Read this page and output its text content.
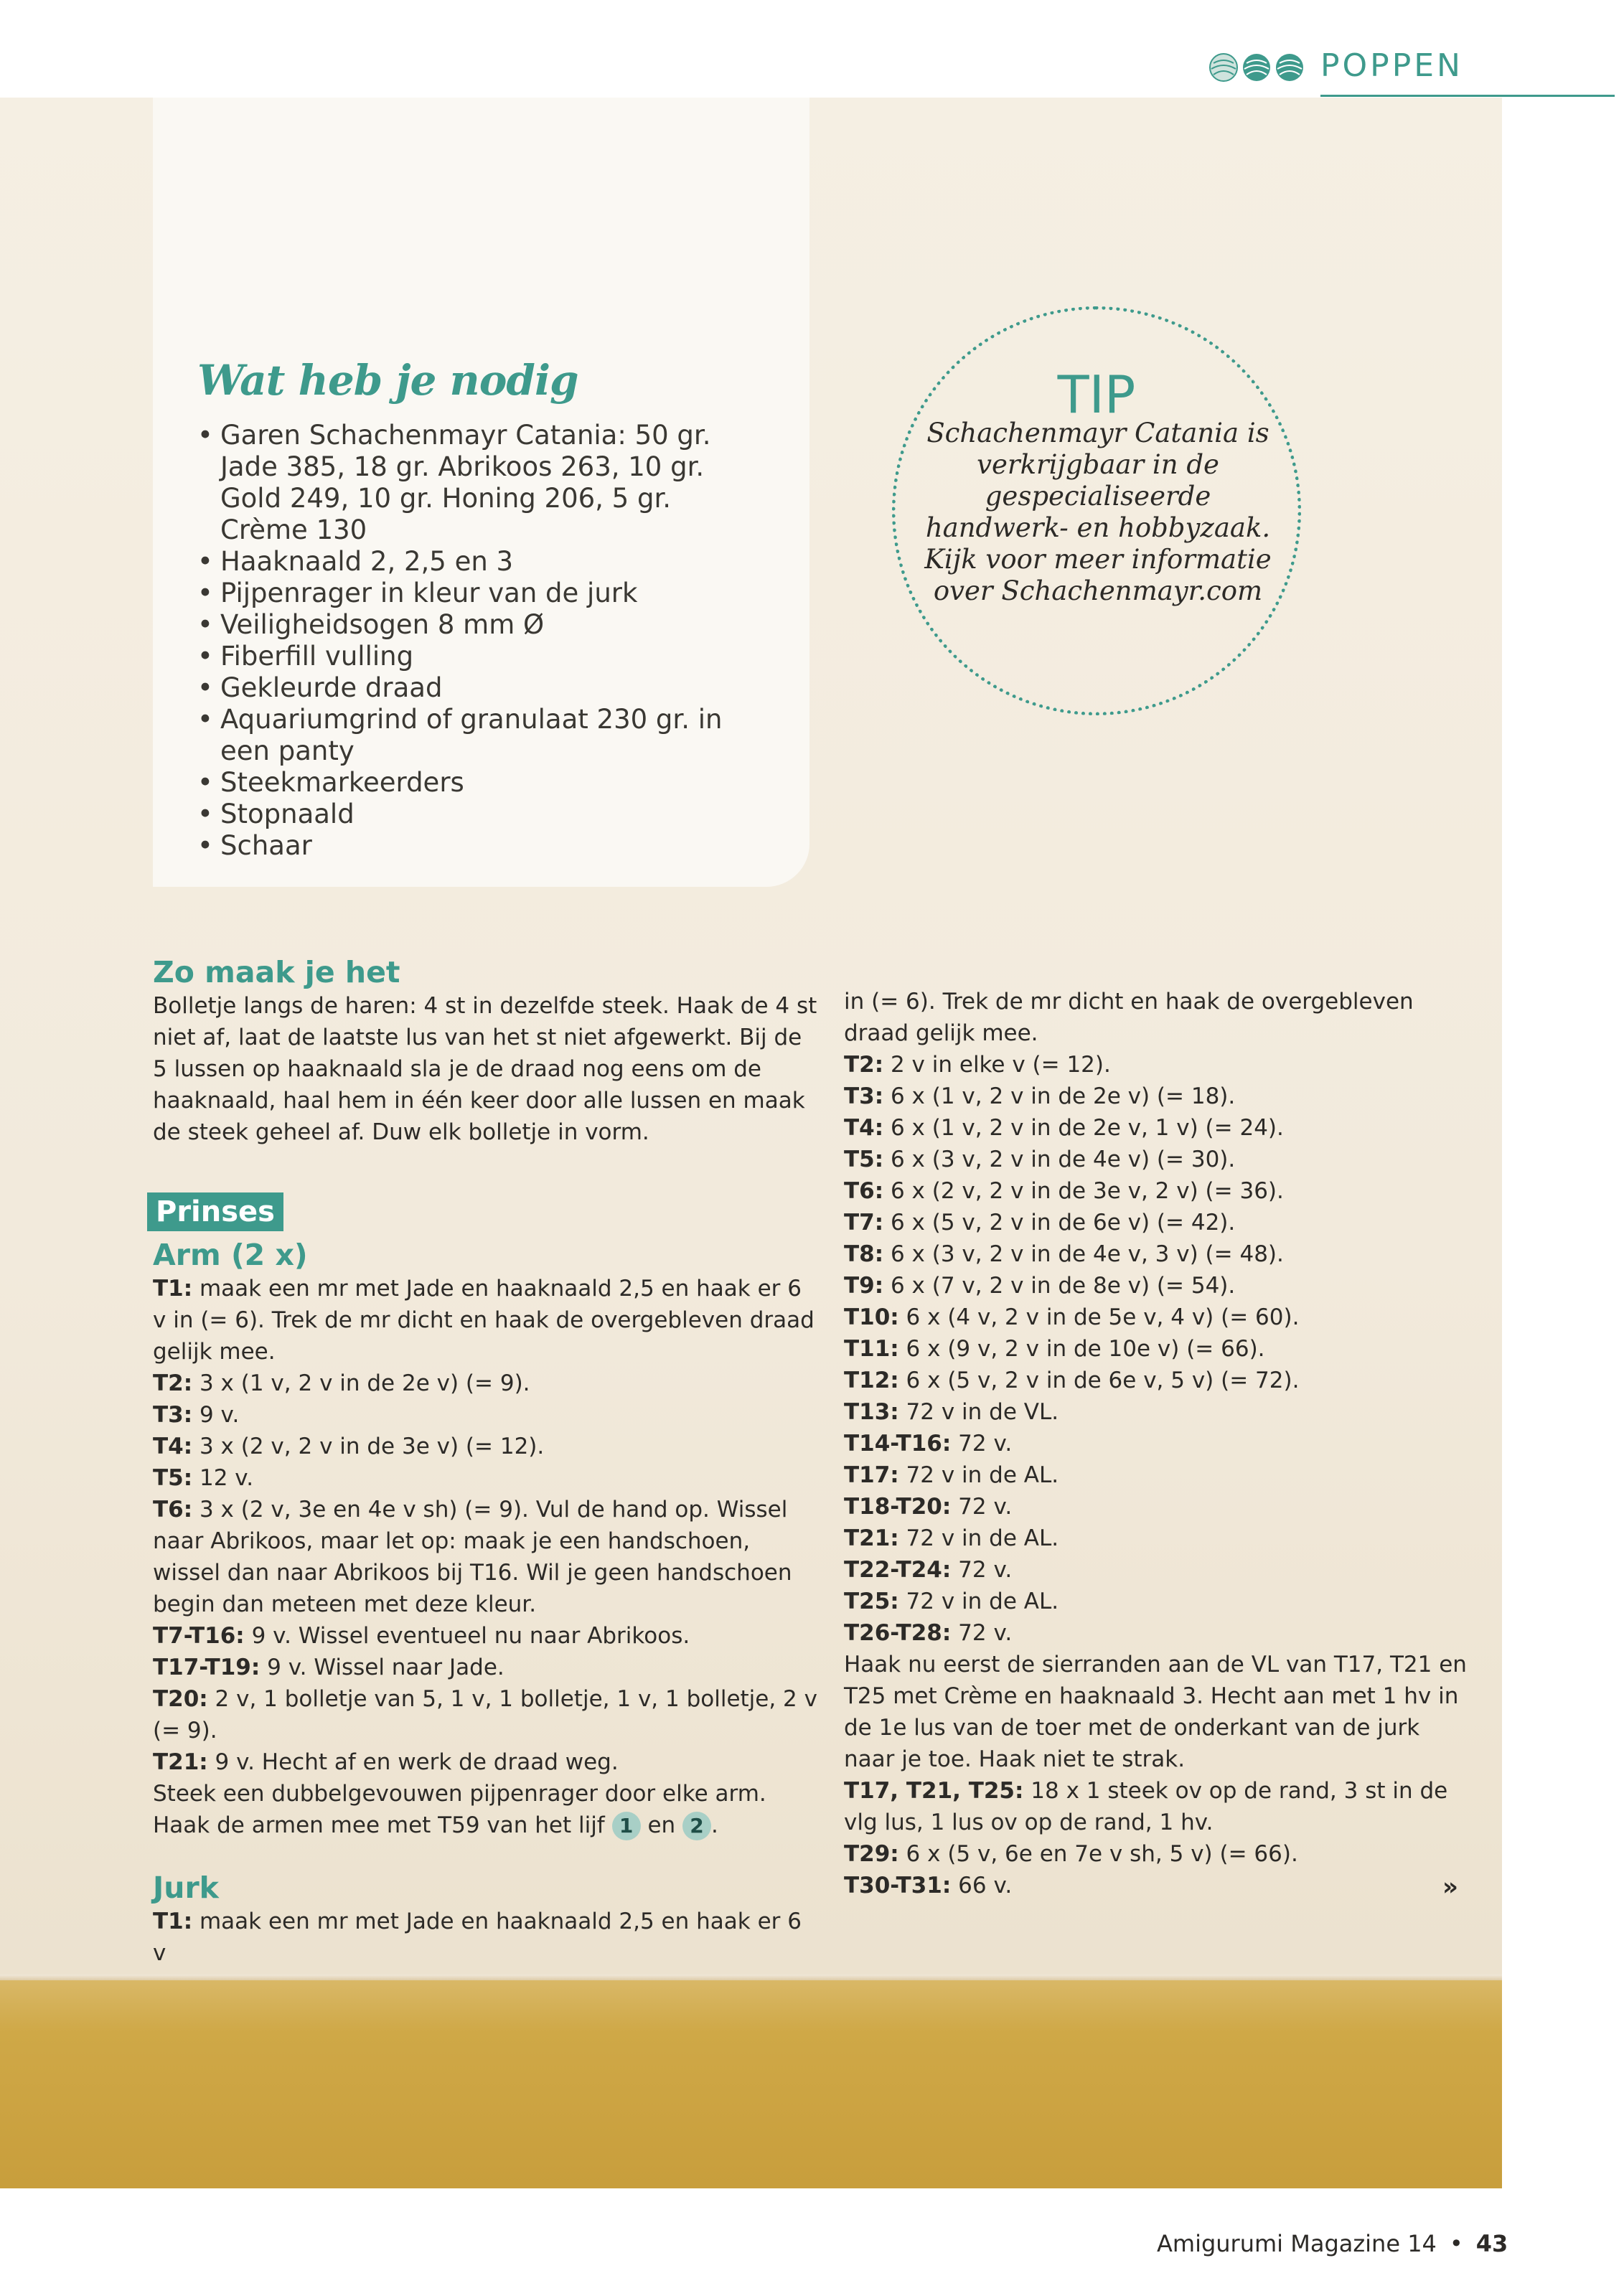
POPPEN
Wat heb je nodig
• Garen Schachenmayr Catania: 50 gr. Jade 385, 18 gr. Abrikoos 263, 10 gr. Gold 249, 10 gr. Honing 206, 5 gr. Crème 130
• Haaknaald 2, 2,5 en 3
• Pijpenrager in kleur van de jurk
• Veiligheidsogen 8 mm Ø
• Fiberfill vulling
• Gekleurde draad
• Aquariumgrind of granulaat 230 gr. in een panty
• Steekmarkeerders
• Stopnaald
• Schaar
TIP
Schachenmayr Catania is verkrijgbaar in de gespecialiseerde handwerk- en hobbyzaak. Kijk voor meer informatie over Schachenmayr.com
Zo maak je het

Bolletje langs de haren: 4 st in dezelfde steek. Haak de 4 st niet af, laat de laatste lus van het st niet afgewerkt. Bij de 5 lussen op haaknaald sla je de draad nog eens om de haaknaald, haal hem in één keer door alle lussen en maak de steek geheel af. Duw elk bolletje in vorm.

Prinses
Arm (2 x)

T1: maak een mr met Jade en haaknaald 2,5 en haak er 6 v in (= 6). Trek de mr dicht en haak de overgebleven draad gelijk mee.

T2: 3 x (1 v, 2 v in de 2e v) (= 9).

T3: 9 v.

T4: 3 x (2 v, 2 v in de 3e v) (= 12).

T5: 12 v.

T6: 3 x (2 v, 3e en 4e v sh) (= 9). Vul de hand op. Wissel naar Abrikoos, maar let op: maak je een handschoen, wissel dan naar Abrikoos bij T16. Wil je geen handschoen begin dan meteen met deze kleur.

T7-T16: 9 v. Wissel eventueel nu naar Abrikoos.

T17-T19: 9 v. Wissel naar Jade.

T20: 2 v, 1 bolletje van 5, 1 v, 1 bolletje, 1 v, 1 bolletje, 2 v (= 9).

T21: 9 v. Hecht af en werk de draad weg.

Steek een dubbelgevouwen pijpenrager door elke arm.

Haak de armen mee met T59 van het lijf 1 en 2 .

Jurk

T1: maak een mr met Jade en haaknaald 2,5 en haak er 6 v

in (= 6). Trek de mr dicht en haak de overgebleven draad gelijk mee.

T2: 2 v in elke v (= 12).

T3: 6 x (1 v, 2 v in de 2e v) (= 18).

T4: 6 x (1 v, 2 v in de 2e v, 1 v) (= 24).

T5: 6 x (3 v, 2 v in de 4e v) (= 30).

T6: 6 x (2 v, 2 v in de 3e v, 2 v) (= 36).

T7: 6 x (5 v, 2 v in de 6e v) (= 42).

T8: 6 x (3 v, 2 v in de 4e v, 3 v) (= 48).

T9: 6 x (7 v, 2 v in de 8e v) (= 54).

T10: 6 x (4 v, 2 v in de 5e v, 4 v) (= 60).

T11: 6 x (9 v, 2 v in de 10e v) (= 66).

T12: 6 x (5 v, 2 v in de 6e v, 5 v) (= 72).

T13: 72 v in de VL.

T14-T16: 72 v.

T17: 72 v in de AL.

T18-T20: 72 v.

T21: 72 v in de AL.

T22-T24: 72 v.

T25: 72 v in de AL.

T26-T28: 72 v.

Haak nu eerst de sierranden aan de VL van T17, T21 en T25 met Crème en haaknaald 3. Hecht aan met 1 hv in de 1e lus van de toer met de onderkant van de jurk naar je toe. Haak niet te strak.

T17, T21, T25: 18 x 1 steek ov op de rand, 3 st in de vlg lus, 1 lus ov op de rand, 1 hv.

T29: 6 x (5 v, 6e en 7e v sh, 5 v) (= 66).

T30-T31: 66 v.	»
Amigurumi Magazine 14 • 43
